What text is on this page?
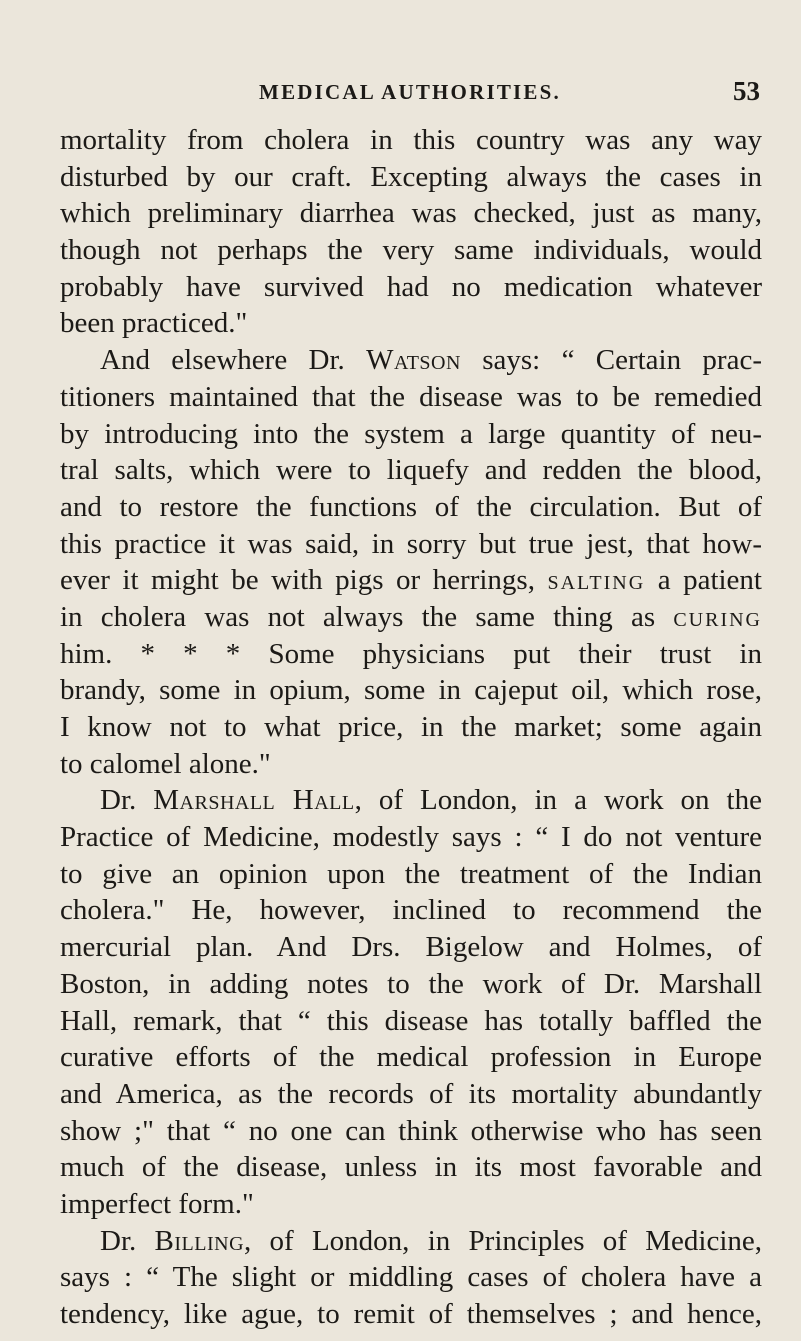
MEDICAL AUTHORITIES.	53
mortality from cholera in this country was any way
disturbed by our craft. Excepting always the cases in
which preliminary diarrhea was checked, just as many,
though not perhaps the very same individuals, would
probably have survived had no medication whatever
been practiced."
And elsewhere Dr. Watson says: “ Certain prac-
titioners maintained that the disease was to be remedied
by introducing into the system a large quantity of neu-
tral salts, which were to liquefy and redden the blood,
and to restore the functions of the circulation. But of
this practice it was said, in sorry but true jest, that how-
ever it might be with pigs or herrings, salting a patient
in cholera was not always the same thing as curing
him. * * * Some physicians put their trust in
brandy, some in opium, some in cajeput oil, which rose,
I know not to what price, in the market; some again
to calomel alone."
Dr. Marshall Hall, of London, in a work on the
Practice of Medicine, modestly says : “ I do not venture
to give an opinion upon the treatment of the Indian
cholera." He, however, inclined to recommend the
mercurial plan. And Drs. Bigelow and Holmes, of
Boston, in adding notes to the work of Dr. Marshall
Hall, remark, that “ this disease has totally baffled the
curative efforts of the medical profession in Europe
and America, as the records of its mortality abundantly
show ;" that “ no one can think otherwise who has seen
much of the disease, unless in its most favorable and
imperfect form."
Dr. Billing, of London, in Principles of Medicine,
says : “ The slight or middling cases of cholera have a
tendency, like ague, to remit of themselves ; and hence,
